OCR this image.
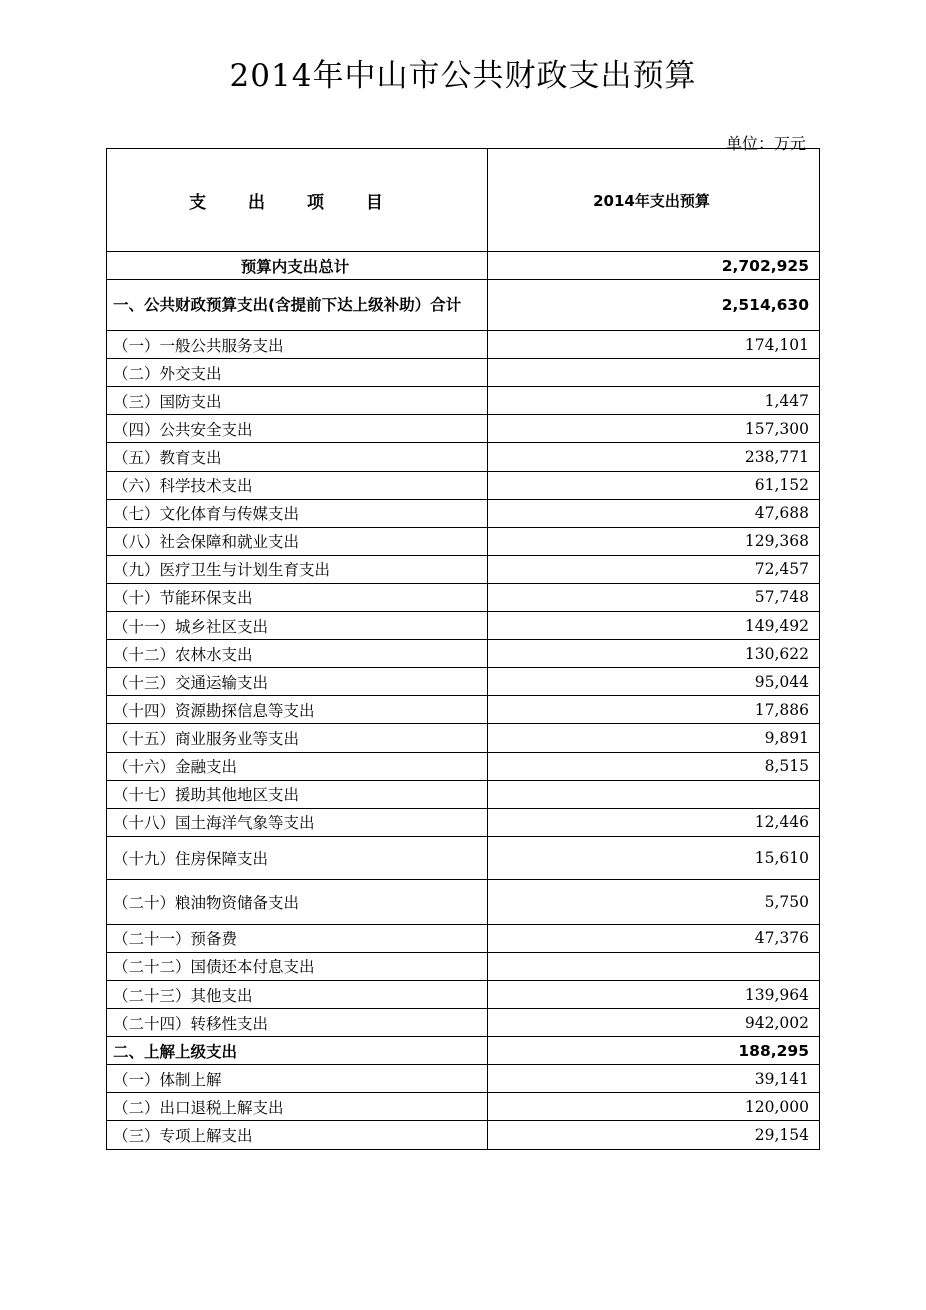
2014年中山市公共财政支出预算
单位：万元
支 出 项 目	2014年支出预算
预算内支出总计	2,702,925
一、公共财政预算支出(含提前下达上级补助）合计	2,514,630
（一）一般公共服务支出	174,101
（二）外交支出	
（三）国防支出	1,447
（四）公共安全支出	157,300
（五）教育支出	238,771
（六）科学技术支出	61,152
（七）文化体育与传媒支出	47,688
（八）社会保障和就业支出	129,368
（九）医疗卫生与计划生育支出	72,457
（十）节能环保支出	57,748
（十一）城乡社区支出	149,492
（十二）农林水支出	130,622
（十三）交通运输支出	95,044
（十四）资源勘探信息等支出	17,886
（十五）商业服务业等支出	9,891
（十六）金融支出	8,515
（十七）援助其他地区支出	
（十八）国土海洋气象等支出	12,446
（十九）住房保障支出	15,610
（二十）粮油物资储备支出	5,750
（二十一）预备费	47,376
（二十二）国债还本付息支出	
（二十三）其他支出	139,964
（二十四）转移性支出	942,002
二、上解上级支出	188,295
（一）体制上解	39,141
（二）出口退税上解支出	120,000
（三）专项上解支出	29,154
